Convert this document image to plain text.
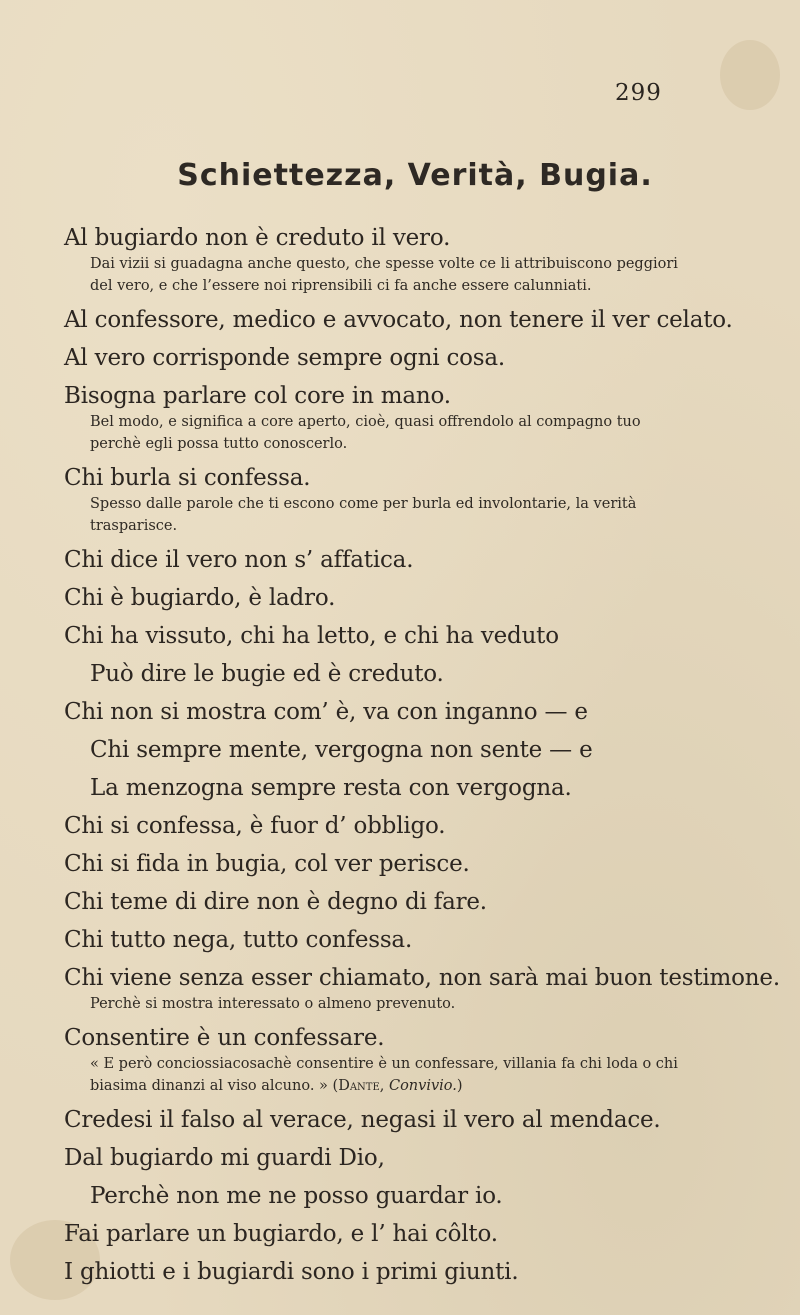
299
Schiettezza, Verità, Bugia.
Al bugiardo non è creduto il vero.
Dai vizii si guadagna anche questo, che spesse volte ce li attribuiscono peggiori del vero, e che l’essere noi riprensibili ci fa anche essere calunniati.
Al confessore, medico e avvocato, non tenere il ver celato.
Al vero corrisponde sempre ogni cosa.
Bisogna parlare col core in mano.
Bel modo, e significa a core aperto, cioè, quasi offrendolo al compagno tuo perchè egli possa tutto conoscerlo.
Chi burla si confessa.
Spesso dalle parole che ti escono come per burla ed involontarie, la verità trasparisce.
Chi dice il vero non s’ affatica.
Chi è bugiardo, è ladro.
Chi ha vissuto, chi ha letto, e chi ha veduto
Può dire le bugie ed è creduto.
Chi non si mostra com’ è, va con inganno — e
Chi sempre mente, vergogna non sente — e
La menzogna sempre resta con vergogna.
Chi si confessa, è fuor d’ obbligo.
Chi si fida in bugia, col ver perisce.
Chi teme di dire non è degno di fare.
Chi tutto nega, tutto confessa.
Chi viene senza esser chiamato, non sarà mai buon testimone.
Perchè si mostra interessato o almeno prevenuto.
Consentire è un confessare.
« E però conciossiacosachè consentire è un confessare, villania fa chi loda o chi biasima dinanzi al viso alcuno. » (Dante, Convivio.)
Credesi il falso al verace, negasi il vero al mendace.
Dal bugiardo mi guardi Dio,
Perchè non me ne posso guardar io.
Fai parlare un bugiardo, e l’ hai côlto.
I ghiotti e i bugiardi sono i primi giunti.
